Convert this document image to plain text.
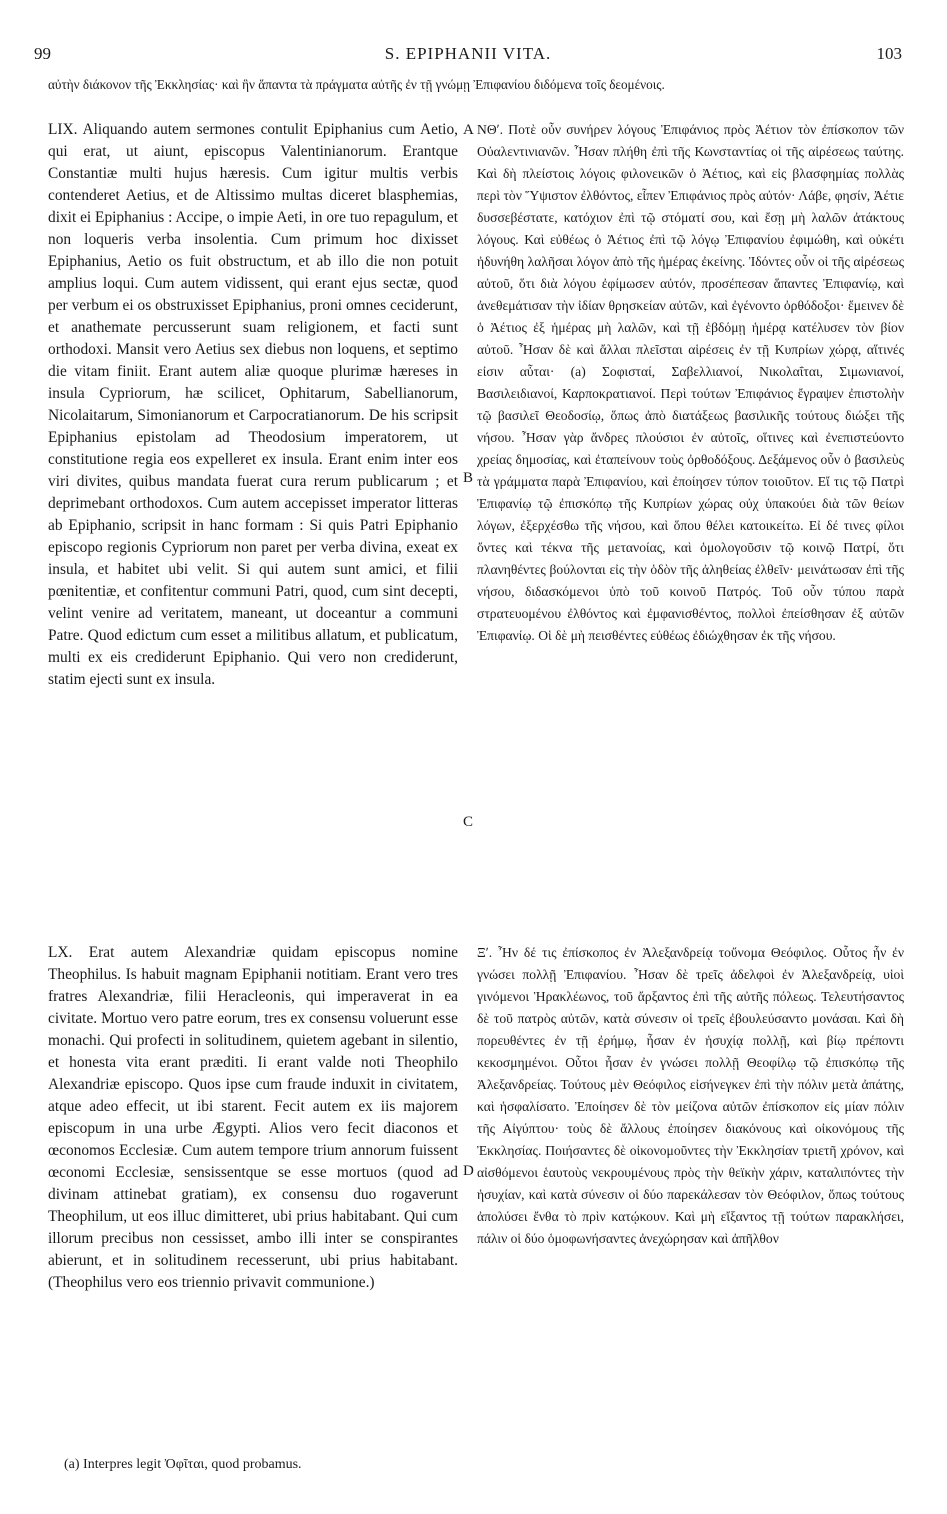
99	S. EPIPHANII VITA.	103
αὐτὴν διάκονον τῆς Ἐκκλησίας· καὶ ἣν ἅπαντα τὰ πράγματα αὐτῆς ἐν τῇ γνώμῃ Ἐπιφανίου διδόμενα τοῖς δεομένοις.

LIX. Aliquando autem sermones contulit Epiphanius cum Aetio, qui erat, ut aiunt, episcopus Valentinianorum. Erantque Constantiæ multi hujus hæresis. Cum igitur multis verbis contenderet Aetius, et de Altissimo multas diceret blasphemias, dixit ei Epiphanius : Accipe, o impie Aeti, in ore tuo repagulum, et non loqueris verba insolentia. Cum primum hoc dixisset Epiphanius, Aetio os fuit obstructum, et ab illo die non potuit amplius loqui. Cum autem vidissent, qui erant ejus sectæ, quod per verbum ei os obstruxisset Epiphanius, proni omnes ceciderunt, et anathemate percusserunt suam religionem, et facti sunt orthodoxi. Mansit vero Aetius sex diebus non loquens, et septimo die vitam finiit. Erant autem aliæ quoque plurimæ hæreses in insula Cypriorum, hæ scilicet, Ophitarum, Sabellianorum, Nicolaitarum, Simonianorum et Carpocratianorum. De his scripsit Epiphanius epistolam ad Theodosium imperatorem, ut constitutione regia eos expelleret ex insula. Erant enim inter eos viri divites, quibus mandata fuerat cura rerum publicarum ; et deprimebant orthodoxos. Cum autem accepisset imperator litteras ab Epiphanio, scripsit in hanc formam : Si quis Patri Epiphanio episcopo regionis Cypriorum non paret per verba divina, exeat ex insula, et habitet ubi velit. Si qui autem sunt amici, et filii pœnitentiæ, et confitentur communi Patri, quod, cum sint decepti, velint venire ad veritatem, maneant, ut doceantur a communi Patre. Quod edictum cum esset a militibus allatum, et publicatum, multi ex eis crediderunt Epiphanio. Qui vero non crediderunt, statim ejecti sunt ex insula.

ΝΘʹ. Ποτὲ οὖν συνήρεν λόγους Ἐπιφάνιος πρὸς Ἀέτιον τὸν ἐπίσκοπον τῶν Οὐαλεντινιανῶν. Ἦσαν πλήθη ἐπὶ τῆς Κωνσταντίας οἱ τῆς αἱρέσεως ταύτης. Καὶ δὴ πλείστοις λόγοις φιλονεικῶν ὁ Ἀέτιος, καὶ εἰς βλασφημίας πολλὰς περὶ τὸν Ὕψιστον ἐλθόντος, εἶπεν Ἐπιφάνιος πρὸς αὐτόν· Λάβε, φησίν, Ἀέτιε δυσσεβέστατε, κατόχιον ἐπὶ τῷ στόματί σου, καὶ ἔσῃ μὴ λαλῶν ἀτάκτους λόγους. Καὶ εὐθέως ὁ Ἀέτιος ἐπὶ τῷ λόγῳ Ἐπιφανίου ἐφιμώθη, καὶ οὐκέτι ἠδυνήθη λαλῆσαι λόγον ἀπὸ τῆς ἡμέρας ἐκείνης. Ἰδόντες οὖν οἱ τῆς αἱρέσεως αὐτοῦ, ὅτι διὰ λόγου ἐφίμωσεν αὐτόν, προσέπεσαν ἅπαντες Ἐπιφανίῳ, καὶ ἀνεθεμάτισαν τὴν ἰδίαν θρησκείαν αὐτῶν, καὶ ἐγένοντο ὀρθόδοξοι· ἔμεινεν δὲ ὁ Ἀέτιος ἐξ ἡμέρας μὴ λαλῶν, καὶ τῇ ἑβδόμῃ ἡμέρᾳ κατέλυσεν τὸν βίον αὐτοῦ. Ἦσαν δὲ καὶ ἄλλαι πλεῖσται αἱρέσεις ἐν τῇ Κυπρίων χώρᾳ, αἵτινές εἰσιν αὗται· (a) Σοφισταί, Σαβελλιανοί, Νικολαΐται, Σιμωνιανοί, Βασιλειδιανοί, Καρποκρατιανοί. Περὶ τούτων Ἐπιφάνιος ἔγραψεν ἐπιστολὴν τῷ βασιλεῖ Θεοδοσίῳ, ὅπως ἀπὸ διατάξεως βασιλικῆς τούτους διώξει τῆς νήσου. Ἦσαν γὰρ ἄνδρες πλούσιοι ἐν αὐτοῖς, οἵτινες καὶ ἐνεπιστεύοντο χρείας δημοσίας, καὶ ἐταπείνουν τοὺς ὀρθοδόξους. Δεξάμενος οὖν ὁ βασιλεὺς τὰ γράμματα παρὰ Ἐπιφανίου, καὶ ἐποίησεν τύπον τοιοῦτον. Εἴ τις τῷ Πατρὶ Ἐπιφανίῳ τῷ ἐπισκόπῳ τῆς Κυπρίων χώρας οὐχ ὑπακούει διὰ τῶν θείων λόγων, ἐξερχέσθω τῆς νήσου, καὶ ὅπου θέλει κατοικείτω. Εἰ δέ τινες φίλοι ὄντες καὶ τέκνα τῆς μετανοίας, καὶ ὁμολογοῦσιν τῷ κοινῷ Πατρί, ὅτι πλανηθέντες βούλονται εἰς τὴν ὁδὸν τῆς ἀληθείας ἐλθεῖν· μεινάτωσαν ἐπὶ τῆς νήσου, διδασκόμενοι ὑπὸ τοῦ κοινοῦ Πατρός. Τοῦ οὖν τύπου παρὰ στρατευομένου ἐλθόντος καὶ ἐμφανισθέντος, πολλοὶ ἐπείσθησαν ἐξ αὐτῶν Ἐπιφανίῳ. Οἱ δὲ μὴ πεισθέντες εὐθέως ἐδιώχθησαν ἐκ τῆς νήσου.

LX. Erat autem Alexandriæ quidam episcopus nomine Theophilus. Is habuit magnam Epiphanii notitiam. Erant vero tres fratres Alexandriæ, filii Heracleonis, qui imperaverat in ea civitate. Mortuo vero patre eorum, tres ex consensu voluerunt esse monachi. Qui profecti in solitudinem, quietem agebant in silentio, et honesta vita erant præditi. Ii erant valde noti Theophilo Alexandriæ episcopo. Quos ipse cum fraude induxit in civitatem, atque adeo effecit, ut ibi starent. Fecit autem ex iis majorem episcopum in una urbe Ægypti. Alios vero fecit diaconos et œconomos Ecclesiæ. Cum autem tempore trium annorum fuissent œconomi Ecclesiæ, sensissentque se esse mortuos (quod ad divinam attinebat gratiam), ex consensu duo rogaverunt Theophilum, ut eos illuc dimitteret, ubi prius habitabant. Qui cum illorum precibus non cessisset, ambo illi inter se conspirantes abierunt, et in solitudinem recesserunt, ubi prius habitabant. (Theophilus vero eos triennio privavit communione.)

Ξʹ. Ἦν δέ τις ἐπίσκοπος ἐν Ἀλεξανδρείᾳ τοὔνομα Θεόφιλος. Οὗτος ἦν ἐν γνώσει πολλῇ Ἐπιφανίου. Ἦσαν δὲ τρεῖς ἀδελφοὶ ἐν Ἀλεξανδρείᾳ, υἱοὶ γινόμενοι Ἡρακλέωνος, τοῦ ἄρξαντος ἐπὶ τῆς αὐτῆς πόλεως. Τελευτήσαντος δὲ τοῦ πατρὸς αὐτῶν, κατὰ σύνεσιν οἱ τρεῖς ἐβουλεύσαντο μονάσαι. Καὶ δὴ πορευθέντες ἐν τῇ ἐρήμῳ, ἦσαν ἐν ἡσυχίᾳ πολλῇ, καὶ βίῳ πρέποντι κεκοσμημένοι. Οὗτοι ἦσαν ἐν γνώσει πολλῇ Θεοφίλῳ τῷ ἐπισκόπῳ τῆς Ἀλεξανδρείας. Τούτους μὲν Θεόφιλος εἰσήνεγκεν ἐπὶ τὴν πόλιν μετὰ ἀπάτης, καὶ ἠσφαλίσατο. Ἐποίησεν δὲ τὸν μείζονα αὐτῶν ἐπίσκοπον εἰς μίαν πόλιν τῆς Αἰγύπτου· τοὺς δὲ ἄλλους ἐποίησεν διακόνους καὶ οἰκονόμους τῆς Ἐκκλησίας. Ποιήσαντες δὲ οἰκονομοῦντες τὴν Ἐκκλησίαν τριετῆ χρόνον, καὶ αἰσθόμενοι ἑαυτοὺς νεκρουμένους πρὸς τὴν θεϊκὴν χάριν, καταλιπόντες τὴν ἡσυχίαν, καὶ κατὰ σύνεσιν οἱ δύο παρεκάλεσαν τὸν Θεόφιλον, ὅπως τούτους ἀπολύσει ἔνθα τὸ πρὶν κατῴκουν. Καὶ μὴ εἴξαντος τῇ τούτων παρακλήσει, πάλιν οἱ δύο ὁμοφωνήσαντες ἀνεχώρησαν καὶ ἀπῆλθον

A
B
C
D
(a) Interpres legit Ὀφῖται, quod probamus.
